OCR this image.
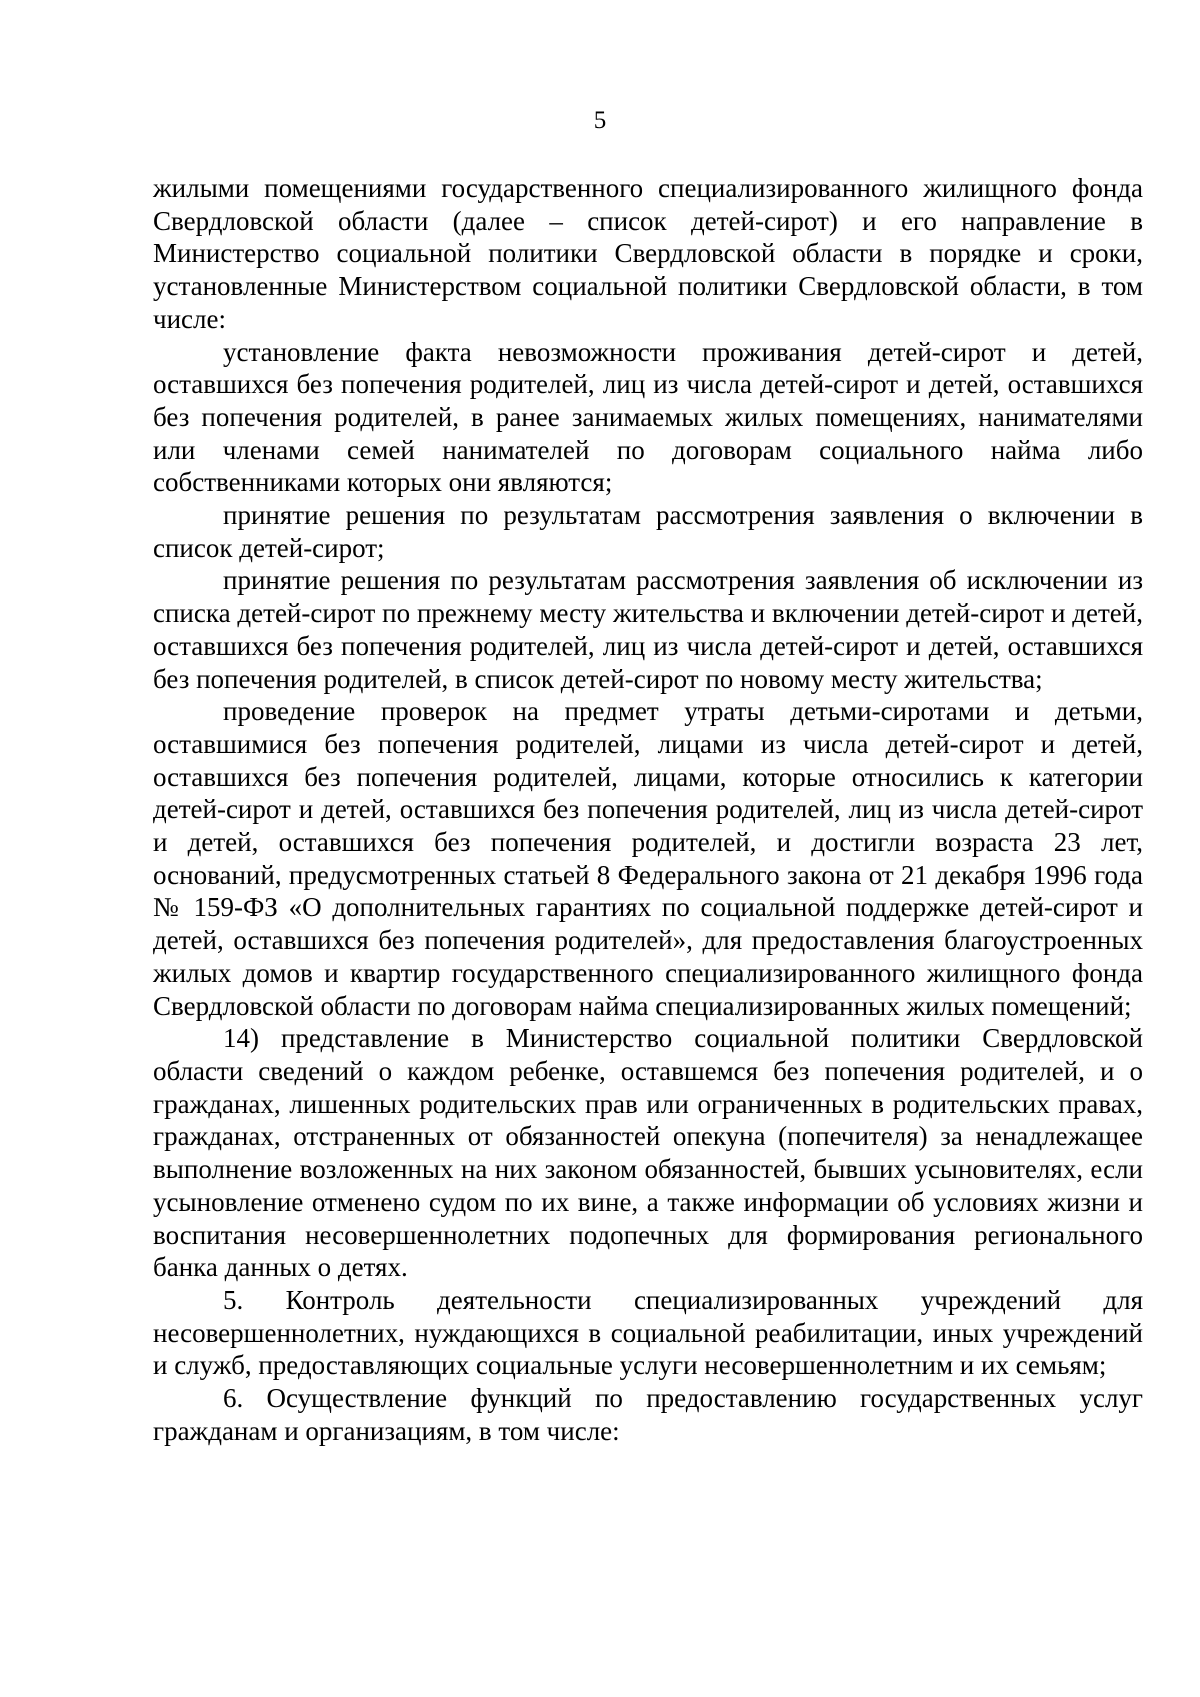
5

жилыми помещениями государственного специализированного жилищного фонда Свердловской области (далее – список детей-сирот) и его направление в Министерство социальной политики Свердловской области в порядке и сроки, установленные Министерством социальной политики Свердловской области, в том числе:

установление факта невозможности проживания детей-сирот и детей, оставшихся без попечения родителей, лиц из числа детей-сирот и детей, оставшихся без попечения родителей, в ранее занимаемых жилых помещениях, нанимателями или членами семей нанимателей по договорам социального найма либо собственниками которых они являются;

принятие решения по результатам рассмотрения заявления о включении в список детей-сирот;

принятие решения по результатам рассмотрения заявления об исключении из списка детей-сирот по прежнему месту жительства и включении детей-сирот и детей, оставшихся без попечения родителей, лиц из числа детей-сирот и детей, оставшихся без попечения родителей, в список детей-сирот по новому месту жительства;

проведение проверок на предмет утраты детьми-сиротами и детьми, оставшимися без попечения родителей, лицами из числа детей-сирот и детей, оставшихся без попечения родителей, лицами, которые относились к категории детей-сирот и детей, оставшихся без попечения родителей, лиц из числа детей-сирот и детей, оставшихся без попечения родителей, и достигли возраста 23 лет, оснований, предусмотренных статьей 8 Федерального закона от 21 декабря 1996 года № 159-ФЗ «О дополнительных гарантиях по социальной поддержке детей-сирот и детей, оставшихся без попечения родителей», для предоставления благоустроенных жилых домов и квартир государственного специализированного жилищного фонда Свердловской области по договорам найма специализированных жилых помещений;

14) представление в Министерство социальной политики Свердловской области сведений о каждом ребенке, оставшемся без попечения родителей, и о гражданах, лишенных родительских прав или ограниченных в родительских правах, гражданах, отстраненных от обязанностей опекуна (попечителя) за ненадлежащее выполнение возложенных на них законом обязанностей, бывших усыновителях, если усыновление отменено судом по их вине, а также информации об условиях жизни и воспитания несовершеннолетних подопечных для формирования регионального банка данных о детях.

5. Контроль деятельности специализированных учреждений для несовершеннолетних, нуждающихся в социальной реабилитации, иных учреждений и служб, предоставляющих социальные услуги несовершеннолетним и их семьям;

6. Осуществление функций по предоставлению государственных услуг гражданам и организациям, в том числе:
